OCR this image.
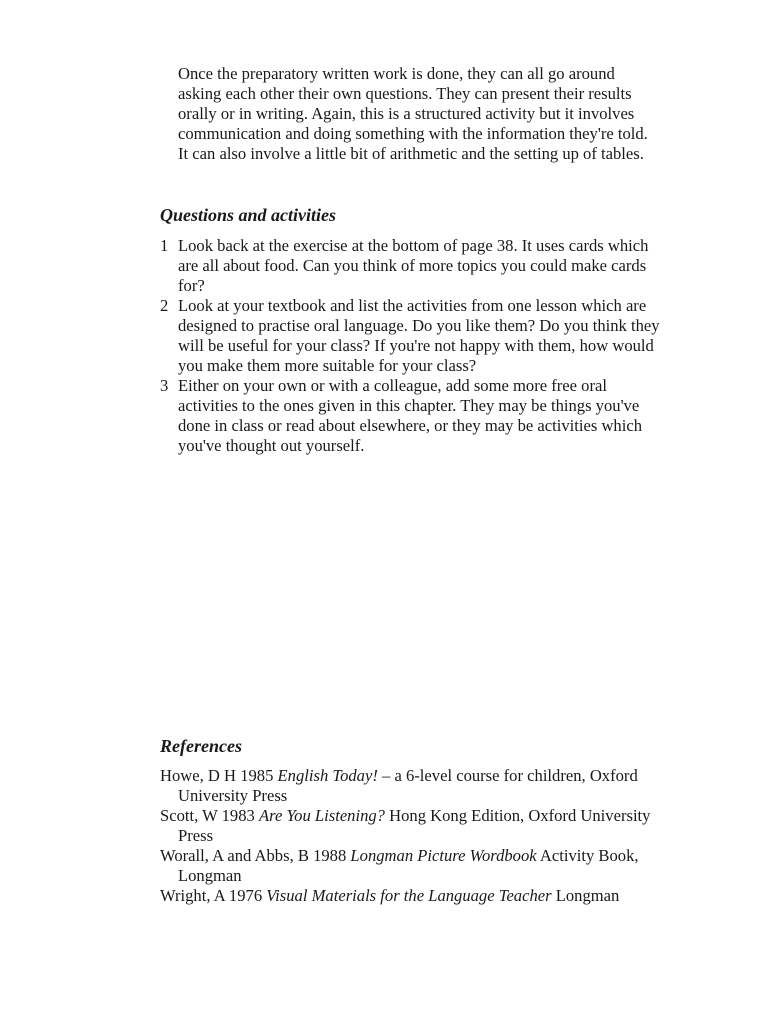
Once the preparatory written work is done, they can all go around asking each other their own questions. They can present their results orally or in writing. Again, this is a structured activity but it involves communication and doing something with the information they're told. It can also involve a little bit of arithmetic and the setting up of tables.

Questions and activities
1 Look back at the exercise at the bottom of page 38. It uses cards which are all about food. Can you think of more topics you could make cards for?
2 Look at your textbook and list the activities from one lesson which are designed to practise oral language. Do you like them? Do you think they will be useful for your class? If you're not happy with them, how would you make them more suitable for your class?
3 Either on your own or with a colleague, add some more free oral activities to the ones given in this chapter. They may be things you've done in class or read about elsewhere, or they may be activities which you've thought out yourself.
References
Howe, D H 1985 English Today! – a 6-level course for children, Oxford University Press
Scott, W 1983 Are You Listening? Hong Kong Edition, Oxford University Press
Worall, A and Abbs, B 1988 Longman Picture Wordbook Activity Book, Longman
Wright, A 1976 Visual Materials for the Language Teacher Longman
